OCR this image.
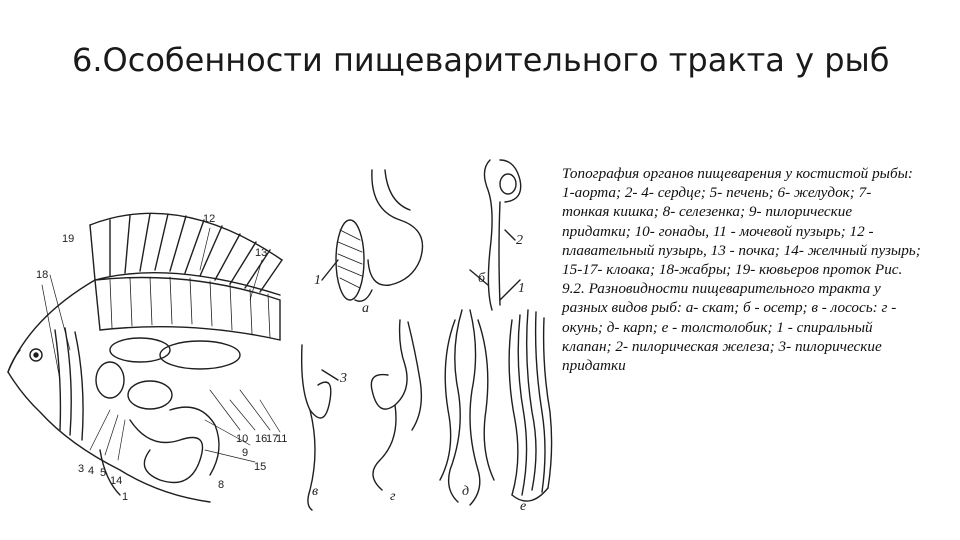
6.Особенности пищеварительного тракта у рыб
19
12
13
18
3 4 5
14
1
10 16
17
11
9
15
8
а
б
в	г	д
е
1
2
1
3
Топография органов пищеварения у костистой рыбы: 1-аорта; 2- 4- сердце; 5- печень; 6- желудок; 7- тонкая кишка; 8- селезенка; 9- пилорические придатки; 10- гонады, 11 - мочевой пузырь; 12 - плавательный пузырь, 13 - почка; 14- желчный пузырь; 15-17- клоака; 18-жабры; 19- кювьеров проток Рис. 9.2. Разновидности пищеварительного тракта у разных видов рыб: а- скат; б - осетр; в - лосось: г - окунь; д- карп; е - толстолобик; 1 - спиральный клапан; 2- пилорическая железа; 3- пилорические придатки
